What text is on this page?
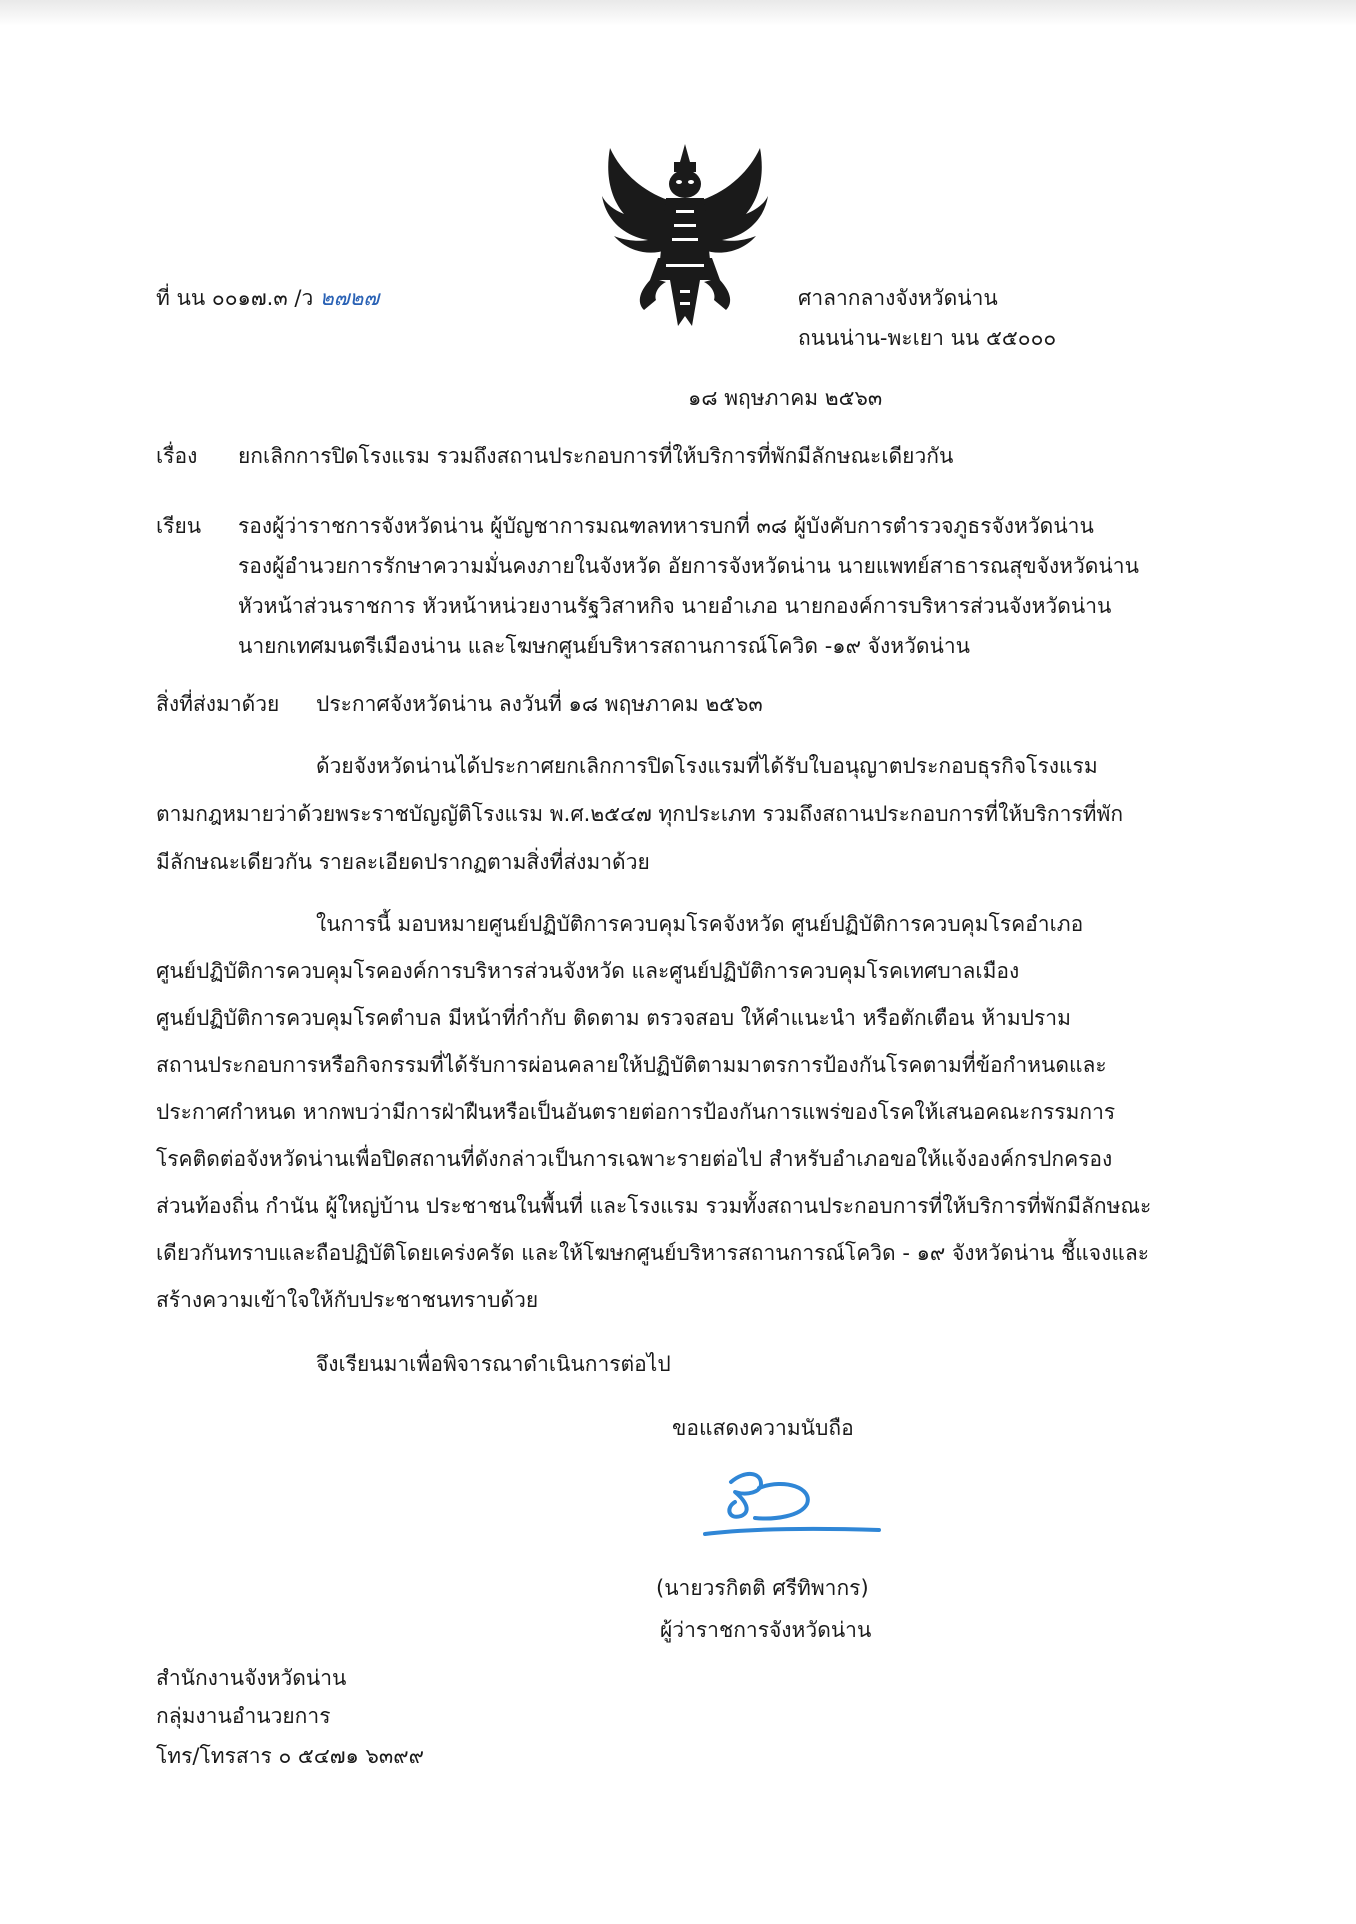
ที่ นน ๐๐๑๗.๓ /ว ๒๗๒๗	ศาลากลางจังหวัดน่าน
ถนนน่าน-พะเยา นน ๕๕๐๐๐
๑๘ พฤษภาคม ๒๕๖๓
เรื่อง ยกเลิกการปิดโรงแรม รวมถึงสถานประกอบการที่ให้บริการที่พักมีลักษณะเดียวกัน
เรียน รองผู้ว่าราชการจังหวัดน่าน ผู้บัญชาการมณฑลทหารบกที่ ๓๘ ผู้บังคับการตำรวจภูธรจังหวัดน่าน
รองผู้อำนวยการรักษาความมั่นคงภายในจังหวัด อัยการจังหวัดน่าน นายแพทย์สาธารณสุขจังหวัดน่าน
หัวหน้าส่วนราชการ หัวหน้าหน่วยงานรัฐวิสาหกิจ นายอำเภอ นายกองค์การบริหารส่วนจังหวัดน่าน
นายกเทศมนตรีเมืองน่าน และโฆษกศูนย์บริหารสถานการณ์โควิด -๑๙ จังหวัดน่าน
สิ่งที่ส่งมาด้วย ประกาศจังหวัดน่าน ลงวันที่ ๑๘ พฤษภาคม ๒๕๖๓
ด้วยจังหวัดน่านได้ประกาศยกเลิกการปิดโรงแรมที่ได้รับใบอนุญาตประกอบธุรกิจโรงแรม
ตามกฎหมายว่าด้วยพระราชบัญญัติโรงแรม พ.ศ.๒๕๔๗ ทุกประเภท รวมถึงสถานประกอบการที่ให้บริการที่พัก
มีลักษณะเดียวกัน รายละเอียดปรากฏตามสิ่งที่ส่งมาด้วย
ในการนี้ มอบหมายศูนย์ปฏิบัติการควบคุมโรคจังหวัด ศูนย์ปฏิบัติการควบคุมโรคอำเภอ
ศูนย์ปฏิบัติการควบคุมโรคองค์การบริหารส่วนจังหวัด และศูนย์ปฏิบัติการควบคุมโรคเทศบาลเมือง
ศูนย์ปฏิบัติการควบคุมโรคตำบล มีหน้าที่กำกับ ติดตาม ตรวจสอบ ให้คำแนะนำ หรือตักเตือน ห้ามปราม
สถานประกอบการหรือกิจกรรมที่ได้รับการผ่อนคลายให้ปฏิบัติตามมาตรการป้องกันโรคตามที่ข้อกำหนดและ
ประกาศกำหนด หากพบว่ามีการฝ่าฝืนหรือเป็นอันตรายต่อการป้องกันการแพร่ของโรคให้เสนอคณะกรรมการ
โรคติดต่อจังหวัดน่านเพื่อปิดสถานที่ดังกล่าวเป็นการเฉพาะรายต่อไป สำหรับอำเภอขอให้แจ้งองค์กรปกครอง
ส่วนท้องถิ่น กำนัน ผู้ใหญ่บ้าน ประชาชนในพื้นที่ และโรงแรม รวมทั้งสถานประกอบการที่ให้บริการที่พักมีลักษณะ
เดียวกันทราบและถือปฏิบัติโดยเคร่งครัด และให้โฆษกศูนย์บริหารสถานการณ์โควิด - ๑๙ จังหวัดน่าน ชี้แจงและ
สร้างความเข้าใจให้กับประชาชนทราบด้วย
จึงเรียนมาเพื่อพิจารณาดำเนินการต่อไป
ขอแสดงความนับถือ
(นายวรกิตติ ศรีทิพากร)
ผู้ว่าราชการจังหวัดน่าน
สำนักงานจังหวัดน่าน
กลุ่มงานอำนวยการ
โทร/โทรสาร ๐ ๕๔๗๑ ๖๓๙๙
